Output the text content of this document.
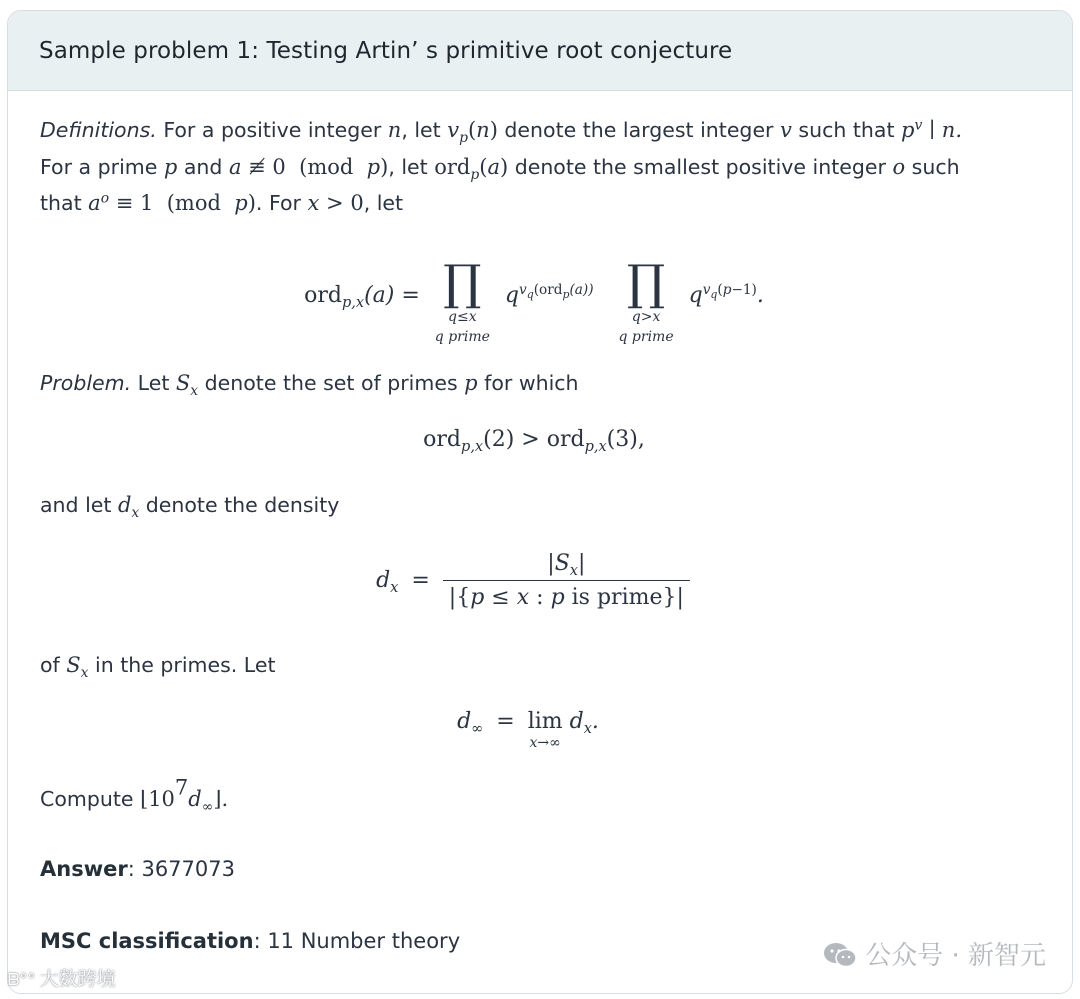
Sample problem 1: Testing Artin’ s primitive root conjecture
Definitions. For a positive integer n, let $v_p(n)$ denote the largest integer v such that $p^v$ ∣ n.
For a prime p and a ≢ 0  (mod  p), let ord$_p$(a) denote the smallest positive integer o such
that $a^o \equiv 1$  (mod  p). For x > 0, let
ord$_{p,x}$(a) = ∏
q≤x
q prime
$q^{v_q(ord_p(a))}$ ∏
q>x
q prime
$q^{v_q(p-1)}$.
Problem. Let $S_x$ denote the set of primes p for which
ord$_{p,x}$(2) > ord$_{p,x}$(3),
and let $d_x$ denote the density
$d_x = \frac{|S_x|}{\text{|\{p ≤ x : p is prime\}|}}$
of $S_x$ in the primes. Let
$d_\infty = \lim$
x→∞
$d_x$.
Compute $⌊10^7d_\infty⌋$.
Answer: 3677073
MSC classification: 11 Number theory	公众号 · 新智元
ᗷ°° 大数跨境
